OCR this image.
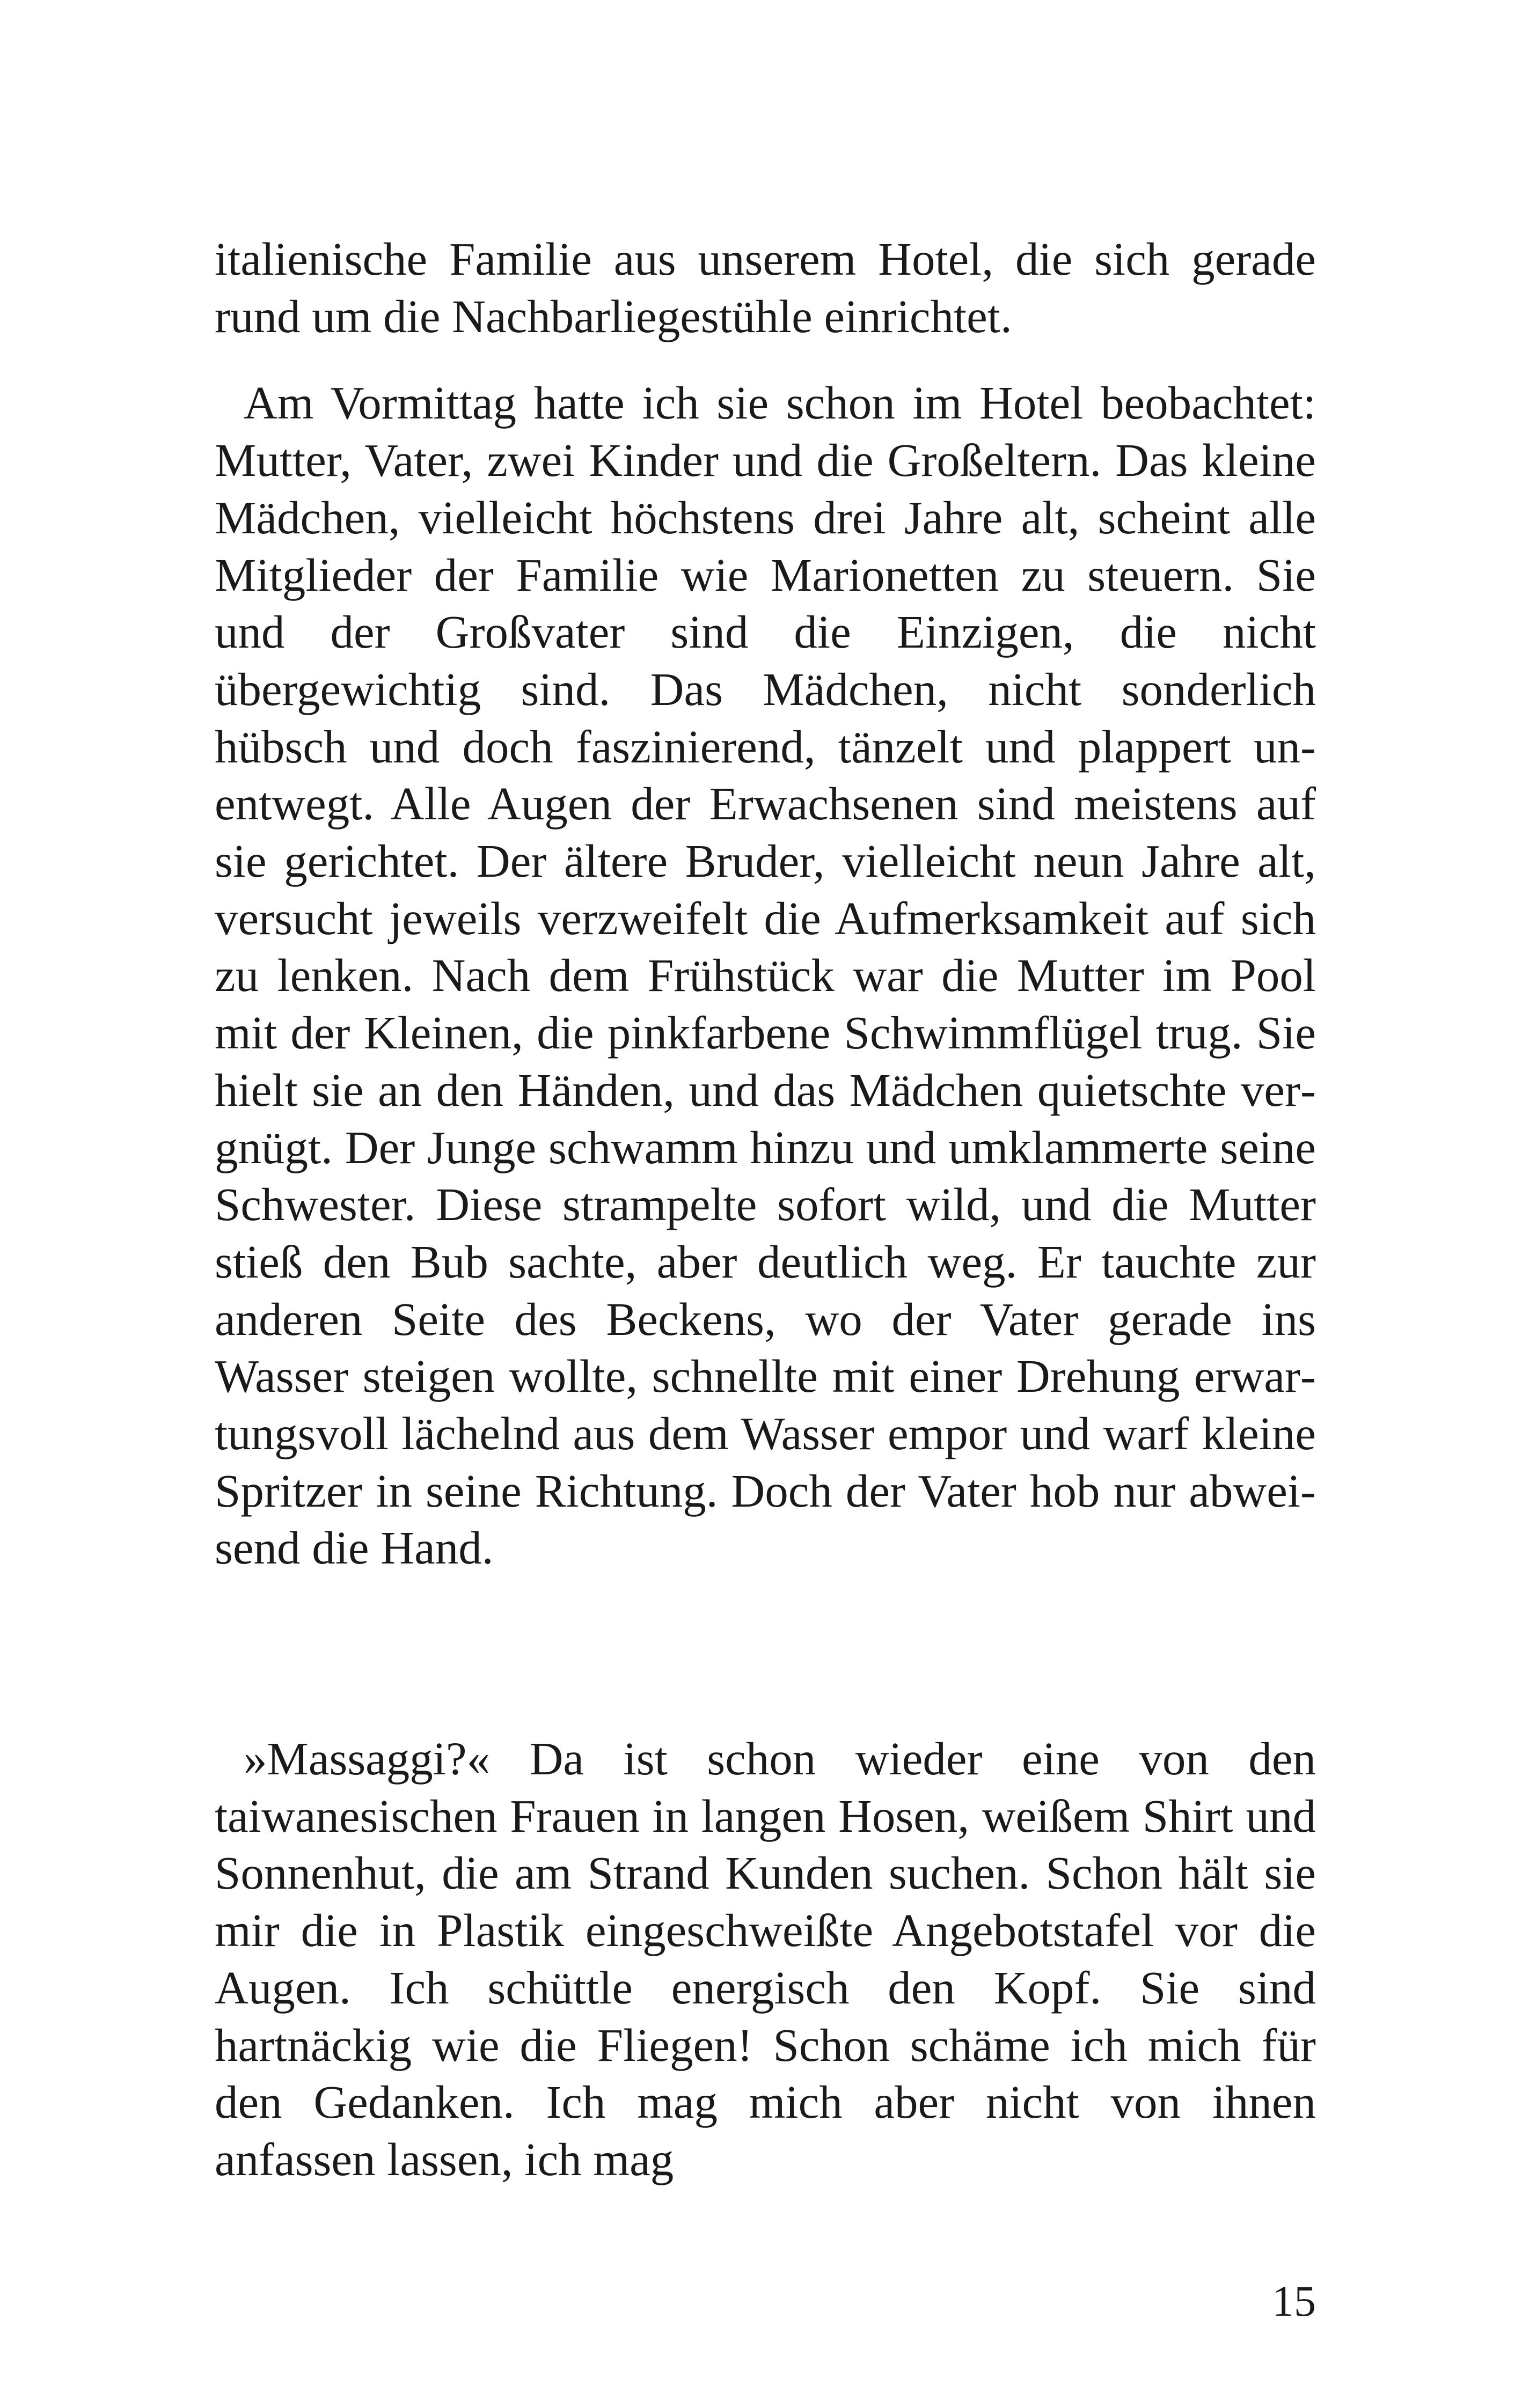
italienische Familie aus unserem Hotel, die sich gerade rund um die Nachbarliegestühle einrichtet.

Am Vormittag hatte ich sie schon im Hotel beobachtet: Mutter, Vater, zwei Kinder und die Großeltern. Das kleine Mädchen, vielleicht höchstens drei Jahre alt, scheint alle Mitglieder der Familie wie Marionetten zu steuern. Sie und der Großvater sind die Einzigen, die nicht übergewichtig sind. Das Mädchen, nicht sonderlich hübsch und doch faszinierend, tänzelt und plappert unentwegt. Alle Augen der Erwachsenen sind meistens auf sie gerichtet. Der ältere Bruder, vielleicht neun Jahre alt, versucht jeweils verzweifelt die Aufmerksamkeit auf sich zu lenken. Nach dem Frühstück war die Mutter im Pool mit der Kleinen, die pinkfarbene Schwimmflügel trug. Sie hielt sie an den Händen, und das Mädchen quietschte vergnügt. Der Junge schwamm hinzu und umklammerte seine Schwester. Diese strampelte sofort wild, und die Mutter stieß den Bub sachte, aber deutlich weg. Er tauchte zur anderen Seite des Beckens, wo der Vater gerade ins Wasser steigen wollte, schnellte mit einer Drehung erwartungsvoll lächelnd aus dem Wasser empor und warf kleine Spritzer in seine Richtung. Doch der Vater hob nur abweisend die Hand.

»Massaggi?« Da ist schon wieder eine von den taiwanesischen Frauen in langen Hosen, weißem Shirt und Sonnenhut, die am Strand Kunden suchen. Schon hält sie mir die in Plastik eingeschweißte Angebotstafel vor die Augen. Ich schüttle energisch den Kopf. Sie sind hartnäckig wie die Fliegen! Schon schäme ich mich für den Gedanken. Ich mag mich aber nicht von ihnen anfassen lassen, ich mag

15
